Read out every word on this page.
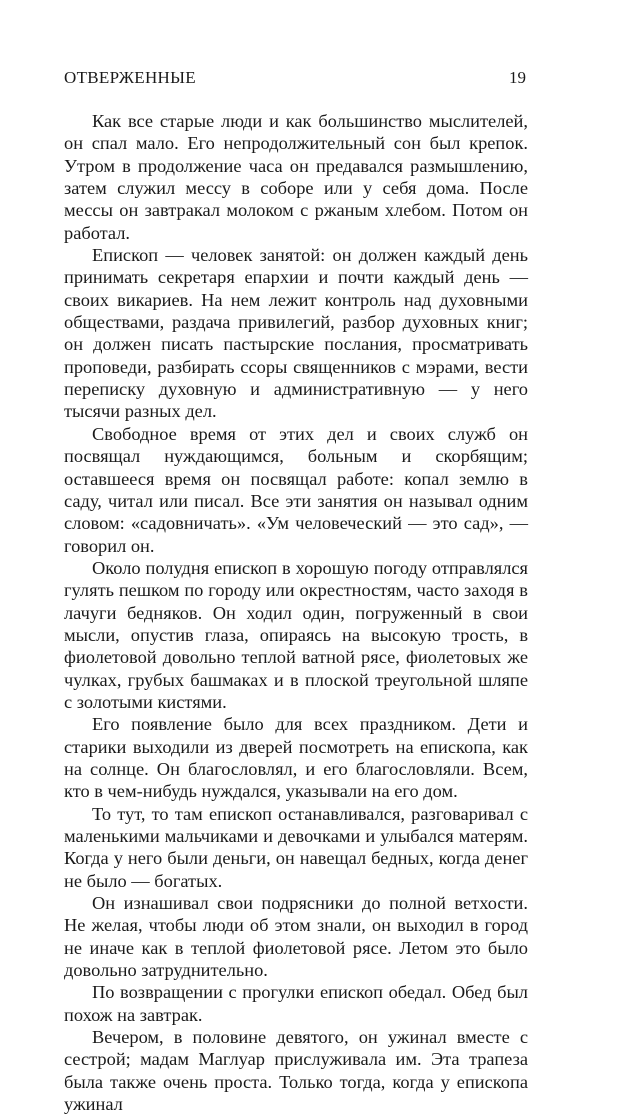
ОТВЕРЖЕННЫЕ	19

Как все старые люди и как большинство мыслителей, он спал мало. Его непродолжительный сон был крепок. Утром в продолжение часа он предавался размышлению, затем служил мессу в соборе или у себя дома. После мессы он завтракал молоком с ржаным хлебом. Потом он работал.

Епископ — человек занятой: он должен каждый день принимать секретаря епархии и почти каждый день — своих викариев. На нем лежит контроль над духовными обществами, раздача привилегий, разбор духовных книг; он должен писать пастырские послания, просматривать проповеди, разбирать ссоры священников с мэрами, вести переписку духовную и административную — у него тысячи разных дел.

Свободное время от этих дел и своих служб он посвящал нуждающимся, больным и скорбящим; оставшееся время он посвящал работе: копал землю в саду, читал или писал. Все эти занятия он называл одним словом: «садовничать». «Ум человеческий — это сад», — говорил он.

Около полудня епископ в хорошую погоду отправлялся гулять пешком по городу или окрестностям, часто заходя в лачуги бедняков. Он ходил один, погруженный в свои мысли, опустив глаза, опираясь на высокую трость, в фиолетовой довольно теплой ватной рясе, фиолетовых же чулках, грубых башмаках и в плоской треугольной шляпе с золотыми кистями.

Его появление было для всех праздником. Дети и старики выходили из дверей посмотреть на епископа, как на солнце. Он благословлял, и его благословляли. Всем, кто в чем-нибудь нуждался, указывали на его дом.

То тут, то там епископ останавливался, разговаривал с маленькими мальчиками и девочками и улыбался матерям. Когда у него были деньги, он навещал бедных, когда денег не было — богатых.

Он изнашивал свои подрясники до полной ветхости. Не желая, чтобы люди об этом знали, он выходил в город не иначе как в теплой фиолетовой рясе. Летом это было довольно затруднительно.

По возвращении с прогулки епископ обедал. Обед был похож на завтрак.

Вечером, в половине девятого, он ужинал вместе с сестрой; мадам Маглуар прислуживала им. Эта трапеза была также очень проста. Только тогда, когда у епископа ужинал
